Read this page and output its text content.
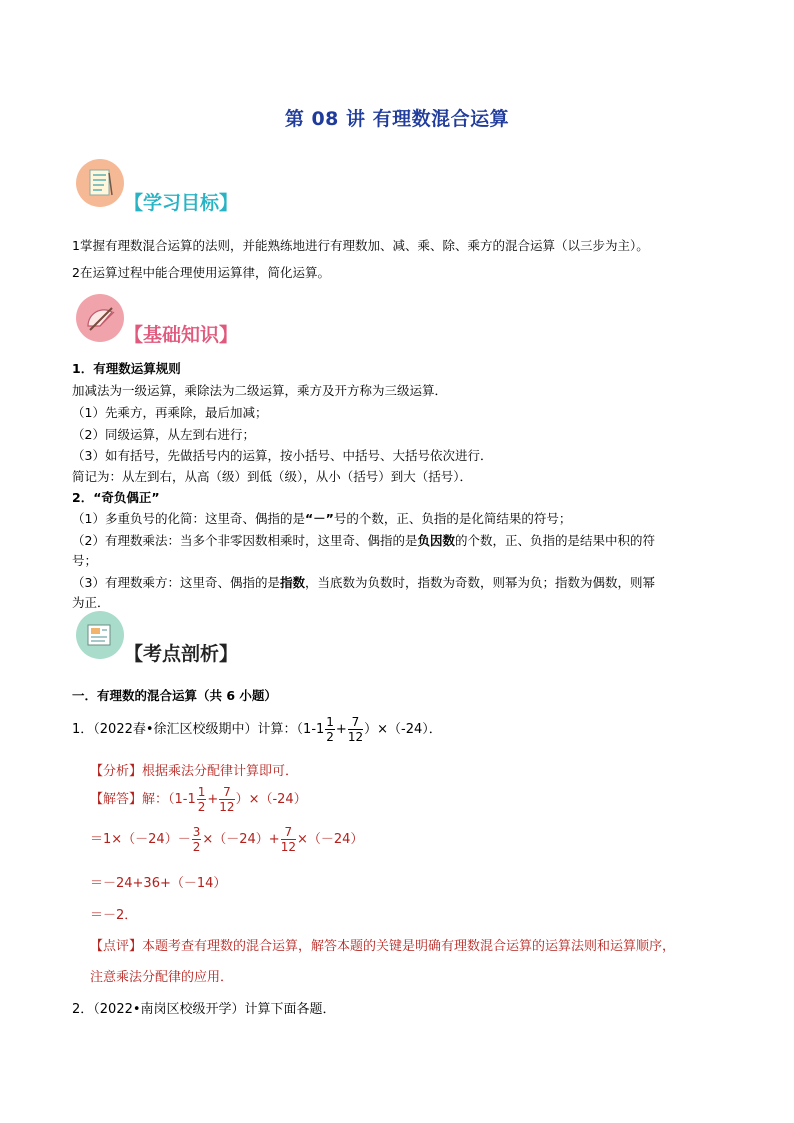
第 08 讲 有理数混合运算
【学习目标】
1掌握有理数混合运算的法则，并能熟练地进行有理数加、减、乘、除、乘方的混合运算（以三步为主）。
2在运算过程中能合理使用运算律，简化运算。
【基础知识】
1．有理数运算规则
加减法为一级运算，乘除法为二级运算，乘方及开方称为三级运算．
（1）先乘方，再乘除，最后加减；
（2）同级运算，从左到右进行；
（3）如有括号，先做括号内的运算，按小括号、中括号、大括号依次进行．
简记为：从左到右，从高（级）到低（级），从小（括号）到大（括号）．
2．“奇负偶正”
（1）多重负号的化简：这里奇、偶指的是“－”号的个数，正、负指的是化简结果的符号；
（2）有理数乘法：当多个非零因数相乘时，这里奇、偶指的是负因数的个数，正、负指的是结果中积的符
号；
（3）有理数乘方：这里奇、偶指的是指数，当底数为负数时，指数为奇数，则幂为负；指数为偶数，则幂
为正．
【考点剖析】
一．有理数的混合运算（共 6 小题）
1．（2022春•徐汇区校级期中）计算：$(1-1 \frac{1}{2} + \frac{7}{12} )\times(-24)$．
【分析】根据乘法分配律计算即可．
【解答】解：$(1-1 \frac{1}{2} + \frac{7}{12} )\times(-24)$
$=1\times(-24)- \frac{3}{2} \times(-24)+ \frac{7}{12} \times(-24)$
＝－24+36+（－14）
＝－2．
【点评】本题考查有理数的混合运算，解答本题的关键是明确有理数混合运算的运算法则和运算顺序，
注意乘法分配律的应用．
2．（2022•南岗区校级开学）计算下面各题．
